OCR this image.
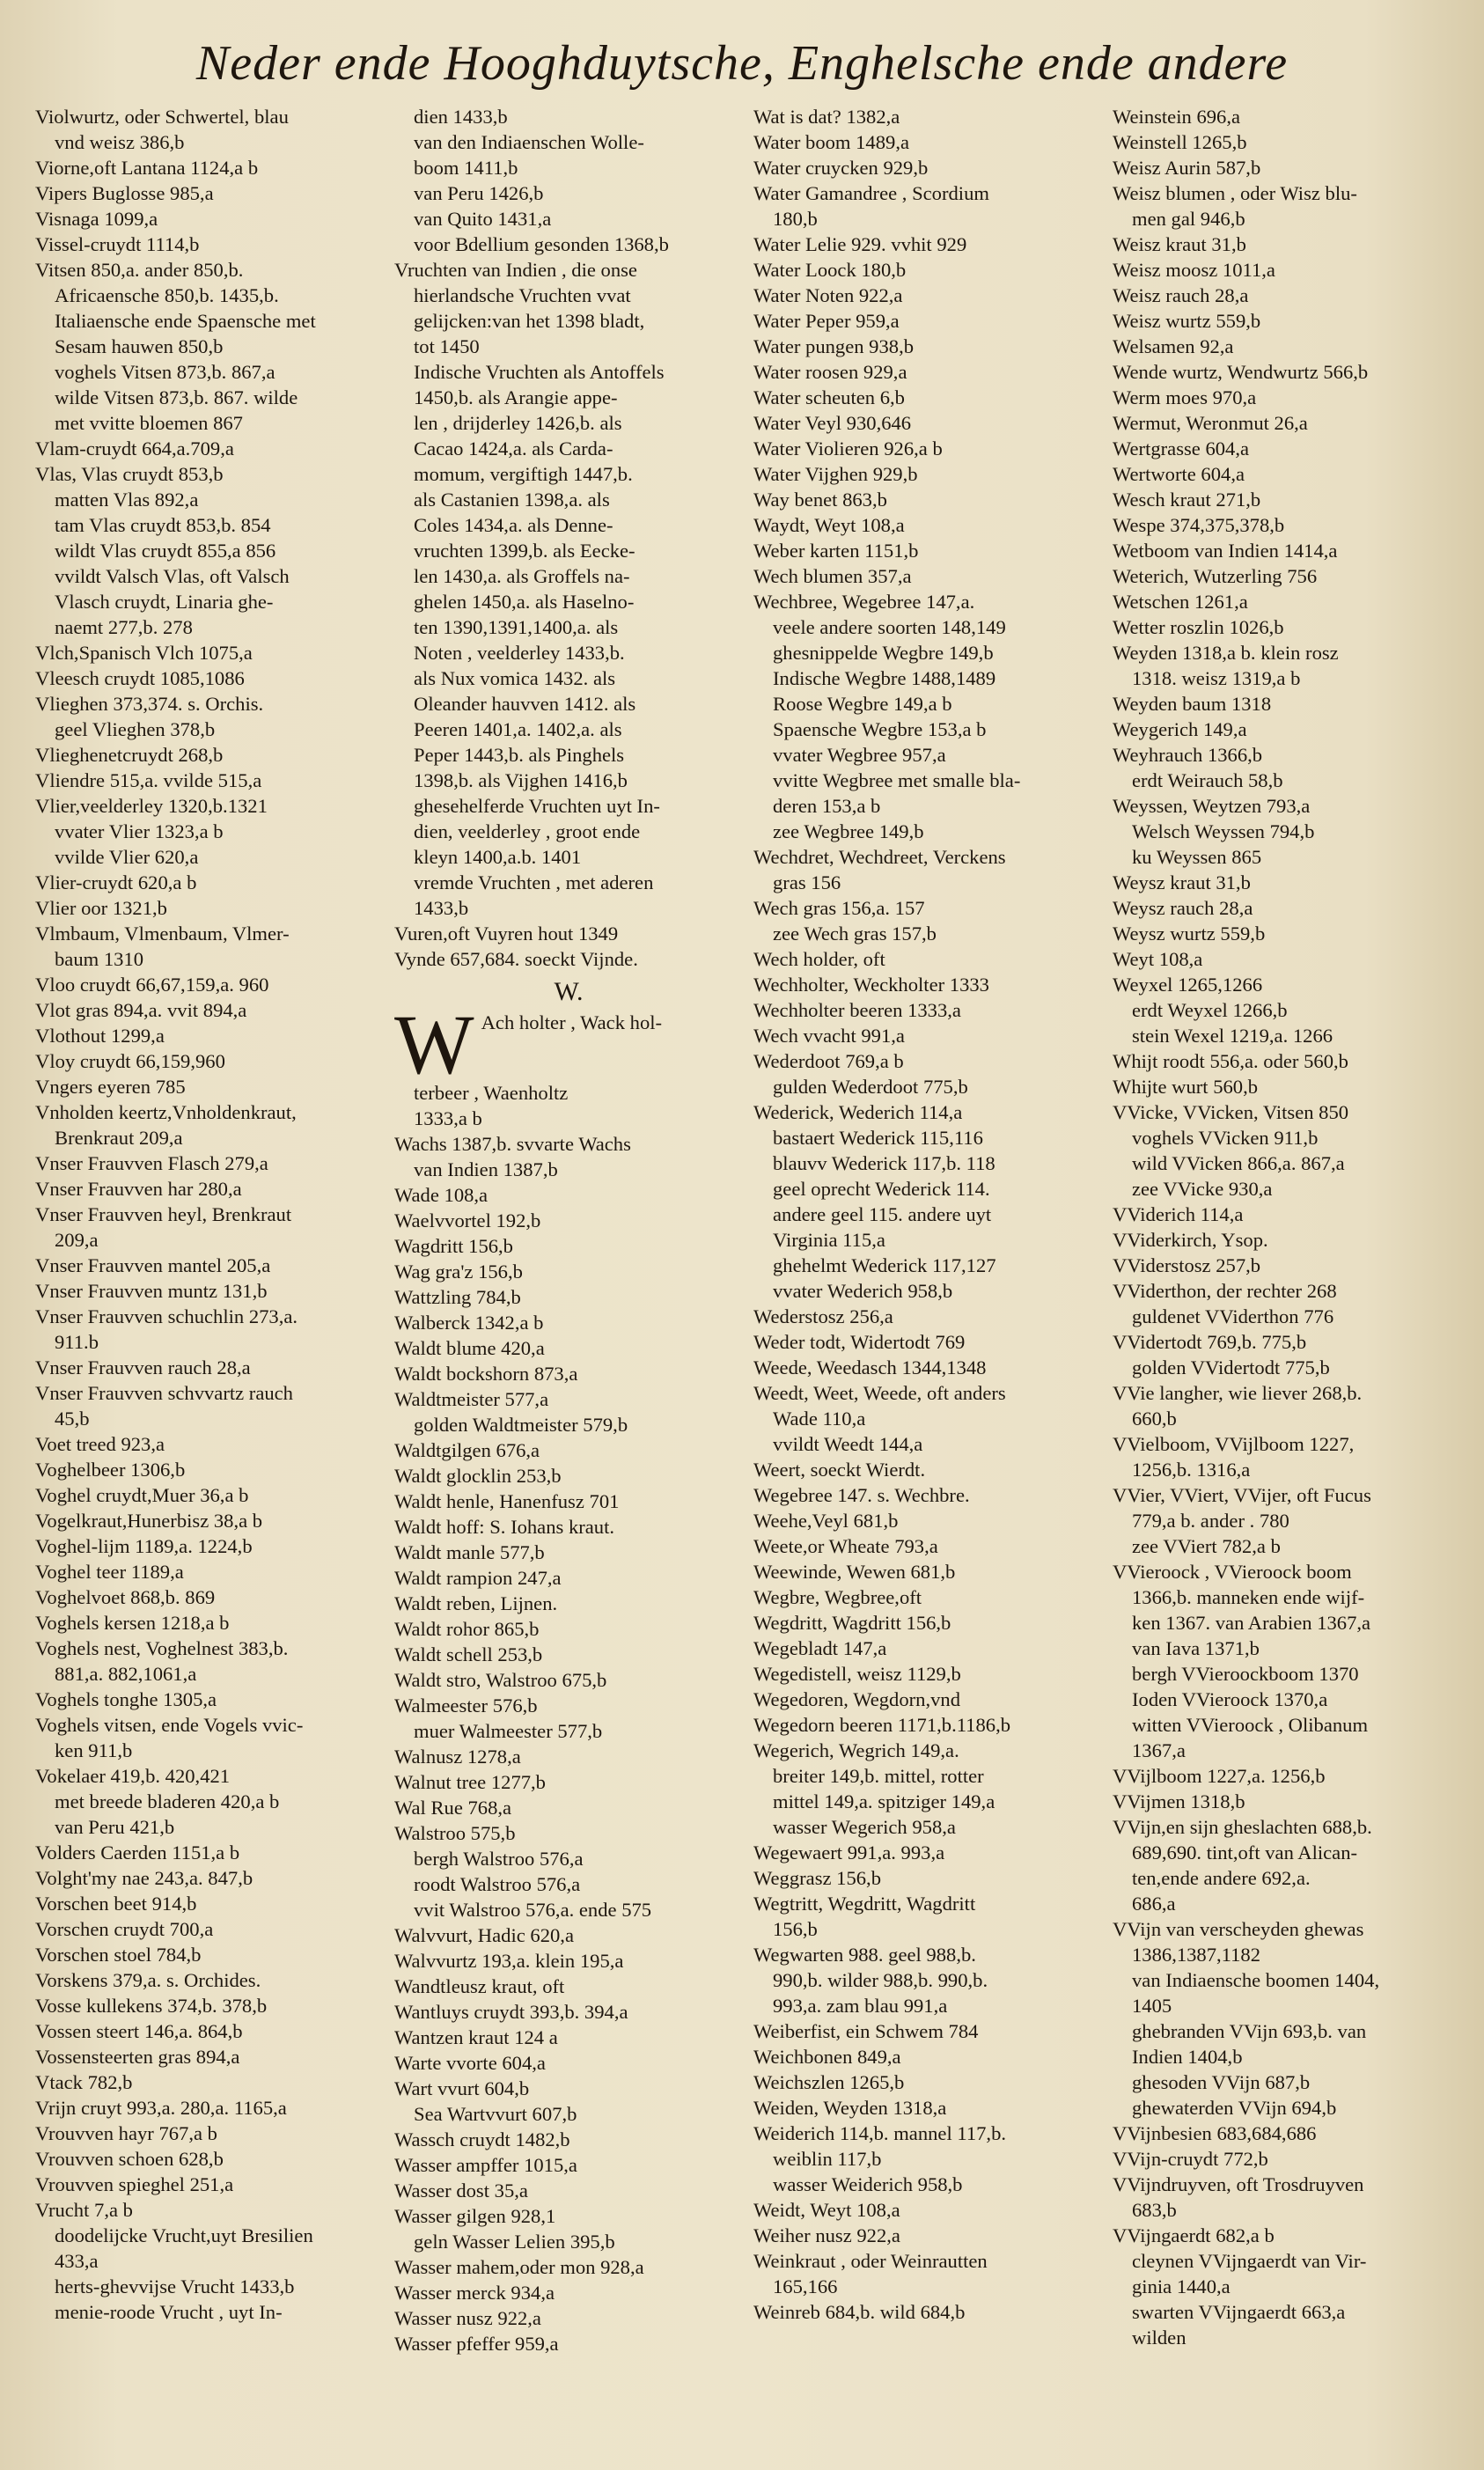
Neder ende Hooghduytsche, Enghelsche ende andere
Violwurtz, oder Schwertel, blau
vnd weisz 386,b
Viorne,oft Lantana 1124,a b
Vipers Buglosse 985,a
Visnaga 1099,a
Vissel-cruydt 1114,b
Vitsen 850,a. ander 850,b.
Africaensche 850,b. 1435,b.
Italiaensche ende Spaensche met
Sesam hauwen 850,b
voghels Vitsen 873,b. 867,a
wilde Vitsen 873,b. 867. wilde
met vvitte bloemen 867
Vlam-cruydt 664,a.709,a
Vlas, Vlas cruydt 853,b
matten Vlas 892,a
tam Vlas cruydt 853,b. 854
wildt Vlas cruydt 855,a 856
vvildt Valsch Vlas, oft Valsch
Vlasch cruydt, Linaria ghe-
naemt 277,b. 278
Vlch,Spanisch Vlch 1075,a
Vleesch cruydt 1085,1086
Vlieghen 373,374. s. Orchis.
geel Vlieghen 378,b
Vlieghenetcruydt 268,b
Vliendre 515,a. vvilde 515,a
Vlier,veelderley 1320,b.1321
vvater Vlier 1323,a b
vvilde Vlier 620,a
Vlier-cruydt 620,a b
Vlier oor 1321,b
Vlmbaum, Vlmenbaum, Vlmer-
baum 1310
Vloo cruydt 66,67,159,a. 960
Vlot gras 894,a. vvit 894,a
Vlothout 1299,a
Vloy cruydt 66,159,960
Vngers eyeren 785
Vnholden keertz,Vnholdenkraut,
Brenkraut 209,a
Vnser Frauvven Flasch 279,a
Vnser Frauvven har 280,a
Vnser Frauvven heyl, Brenkraut
209,a
Vnser Frauvven mantel 205,a
Vnser Frauvven muntz 131,b
Vnser Frauvven schuchlin 273,a.
911.b
Vnser Frauvven rauch 28,a
Vnser Frauvven schvvartz rauch
45,b
Voet treed 923,a
Voghelbeer 1306,b
Voghel cruydt,Muer 36,a b
Vogelkraut,Hunerbisz 38,a b
Voghel-lijm 1189,a. 1224,b
Voghel teer 1189,a
Voghelvoet 868,b. 869
Voghels kersen 1218,a b
Voghels nest, Voghelnest 383,b.
881,a. 882,1061,a
Voghels tonghe 1305,a
Voghels vitsen, ende Vogels vvic-
ken 911,b
Vokelaer 419,b. 420,421
met breede bladeren 420,a b
van Peru 421,b
Volders Caerden 1151,a b
Volght'my nae 243,a. 847,b
Vorschen beet 914,b
Vorschen cruydt 700,a
Vorschen stoel 784,b
Vorskens 379,a. s. Orchides.
Vosse kullekens 374,b. 378,b
Vossen steert 146,a. 864,b
Vossensteerten gras 894,a
Vtack 782,b
Vrijn cruyt 993,a. 280,a. 1165,a
Vrouvven hayr 767,a b
Vrouvven schoen 628,b
Vrouvven spieghel 251,a
Vrucht 7,a b
doodelijcke Vrucht,uyt Bresilien
433,a
herts-ghevvijse Vrucht 1433,b
menie-roode Vrucht , uyt In-
dien 1433,b
van den Indiaenschen Wolle-
boom 1411,b
van Peru 1426,b
van Quito 1431,a
voor Bdellium gesonden 1368,b
Vruchten van Indien , die onse
hierlandsche Vruchten vvat
gelijcken:van het 1398 bladt,
tot 1450
Indische Vruchten als Antoffels
1450,b. als Arangie appe-
len , drijderley 1426,b. als
Cacao 1424,a. als Carda-
momum, vergiftigh 1447,b.
als Castanien 1398,a. als
Coles 1434,a. als Denne-
vruchten 1399,b. als Eecke-
len 1430,a. als Groffels na-
ghelen 1450,a. als Haselno-
ten 1390,1391,1400,a. als
Noten , veelderley 1433,b.
als Nux vomica 1432. als
Oleander hauvven 1412. als
Peeren 1401,a. 1402,a. als
Peper 1443,b. als Pinghels
1398,b. als Vijghen 1416,b
ghesehelferde Vruchten uyt In-
dien, veelderley , groot ende
kleyn 1400,a.b. 1401
vremde Vruchten , met aderen
1433,b
Vuren,oft Vuyren hout 1349
Vynde 657,684. soeckt Vijnde.
W.
W Ach holter , Wack hol-
terbeer , Waenholtz
1333,a b
Wachs 1387,b. svvarte Wachs
van Indien 1387,b
Wade 108,a
Waelvvortel 192,b
Wagdritt 156,b
Wag gra'z 156,b
Wattzling 784,b
Walberck 1342,a b
Waldt blume 420,a
Waldt bockshorn 873,a
Waldtmeister 577,a
golden Waldtmeister 579,b
Waldtgilgen 676,a
Waldt glocklin 253,b
Waldt henle, Hanenfusz 701
Waldt hoff: S. Iohans kraut.
Waldt manle 577,b
Waldt rampion 247,a
Waldt reben, Lijnen.
Waldt rohor 865,b
Waldt schell 253,b
Waldt stro, Walstroo 675,b
Walmeester 576,b
muer Walmeester 577,b
Walnusz 1278,a
Walnut tree 1277,b
Wal Rue 768,a
Walstroo 575,b
bergh Walstroo 576,a
roodt Walstroo 576,a
vvit Walstroo 576,a. ende 575
Walvvurt, Hadic 620,a
Walvvurtz 193,a. klein 195,a
Wandtleusz kraut, oft
Wantluys cruydt 393,b. 394,a
Wantzen kraut 124 a
Warte vvorte 604,a
Wart vvurt 604,b
Sea Wartvvurt 607,b
Wassch cruydt 1482,b
Wasser ampffer 1015,a
Wasser dost 35,a
Wasser gilgen 928,1
geln Wasser Lelien 395,b
Wasser mahem,oder mon 928,a
Wasser merck 934,a
Wasser nusz 922,a
Wasser pfeffer 959,a
Wat is dat? 1382,a
Water boom 1489,a
Water cruycken 929,b
Water Gamandree , Scordium
180,b
Water Lelie 929. vvhit 929
Water Loock 180,b
Water Noten 922,a
Water Peper 959,a
Water pungen 938,b
Water roosen 929,a
Water scheuten 6,b
Water Veyl 930,646
Water Violieren 926,a b
Water Vijghen 929,b
Way benet 863,b
Waydt, Weyt 108,a
Weber karten 1151,b
Wech blumen 357,a
Wechbree, Wegebree 147,a.
veele andere soorten 148,149
ghesnippelde Wegbre 149,b
Indische Wegbre 1488,1489
Roose Wegbre 149,a b
Spaensche Wegbre 153,a b
vvater Wegbree 957,a
vvitte Wegbree met smalle bla-
deren 153,a b
zee Wegbree 149,b
Wechdret, Wechdreet, Verckens
gras 156
Wech gras 156,a. 157
zee Wech gras 157,b
Wech holder, oft
Wechholter, Weckholter 1333
Wechholter beeren 1333,a
Wech vvacht 991,a
Wederdoot 769,a b
gulden Wederdoot 775,b
Wederick, Wederich 114,a
bastaert Wederick 115,116
blauvv Wederick 117,b. 118
geel oprecht Wederick 114.
andere geel 115. andere uyt
Virginia 115,a
ghehelmt Wederick 117,127
vvater Wederich 958,b
Wederstosz 256,a
Weder todt, Widertodt 769
Weede, Weedasch 1344,1348
Weedt, Weet, Weede, oft anders
Wade 110,a
vvildt Weedt 144,a
Weert, soeckt Wierdt.
Wegebree 147. s. Wechbre.
Weehe,Veyl 681,b
Weete,or Wheate 793,a
Weewinde, Wewen 681,b
Wegbre, Wegbree,oft
Wegdritt, Wagdritt 156,b
Wegebladt 147,a
Wegedistell, weisz 1129,b
Wegedoren, Wegdorn,vnd
Wegedorn beeren 1171,b.1186,b
Wegerich, Wegrich 149,a.
breiter 149,b. mittel, rotter
mittel 149,a. spitziger 149,a
wasser Wegerich 958,a
Wegewaert 991,a. 993,a
Weggrasz 156,b
Wegtritt, Wegdritt, Wagdritt
156,b
Wegwarten 988. geel 988,b.
990,b. wilder 988,b. 990,b.
993,a. zam blau 991,a
Weiberfist, ein Schwem 784
Weichbonen 849,a
Weichszlen 1265,b
Weiden, Weyden 1318,a
Weiderich 114,b. mannel 117,b.
weiblin 117,b
wasser Weiderich 958,b
Weidt, Weyt 108,a
Weiher nusz 922,a
Weinkraut , oder Weinrautten
165,166
Weinreb 684,b. wild 684,b
Weinstein 696,a
Weinstell 1265,b
Weisz Aurin 587,b
Weisz blumen , oder Wisz blu-
men gal 946,b
Weisz kraut 31,b
Weisz moosz 1011,a
Weisz rauch 28,a
Weisz wurtz 559,b
Welsamen 92,a
Wende wurtz, Wendwurtz 566,b
Werm moes 970,a
Wermut, Weronmut 26,a
Wertgrasse 604,a
Wertworte 604,a
Wesch kraut 271,b
Wespe 374,375,378,b
Wetboom van Indien 1414,a
Weterich, Wutzerling 756
Wetschen 1261,a
Wetter roszlin 1026,b
Weyden 1318,a b. klein rosz
1318. weisz 1319,a b
Weyden baum 1318
Weygerich 149,a
Weyhrauch 1366,b
erdt Weirauch 58,b
Weyssen, Weytzen 793,a
Welsch Weyssen 794,b
ku Weyssen 865
Weysz kraut 31,b
Weysz rauch 28,a
Weysz wurtz 559,b
Weyt 108,a
Weyxel 1265,1266
erdt Weyxel 1266,b
stein Wexel 1219,a. 1266
Whijt roodt 556,a. oder 560,b
Whijte wurt 560,b
VVicke, VVicken, Vitsen 850
voghels VVicken 911,b
wild VVicken 866,a. 867,a
zee VVicke 930,a
VViderich 114,a
VViderkirch, Ysop.
VViderstosz 257,b
VViderthon, der rechter 268
guldenet VViderthon 776
VVidertodt 769,b. 775,b
golden VVidertodt 775,b
VVie langher, wie liever 268,b.
660,b
VVielboom, VVijlboom 1227,
1256,b. 1316,a
VVier, VViert, VVijer, oft Fucus
779,a b. ander . 780
zee VViert 782,a b
VVieroock , VVieroock boom
1366,b. manneken ende wijf-
ken 1367. van Arabien 1367,a
van Iava 1371,b
bergh VVieroockboom 1370
Ioden VVieroock 1370,a
witten VVieroock , Olibanum
1367,a
VVijlboom 1227,a. 1256,b
VVijmen 1318,b
VVijn,en sijn gheslachten 688,b.
689,690. tint,oft van Alican-
ten,ende andere 692,a.
686,a
VVijn van verscheyden ghewas
1386,1387,1182
van Indiaensche boomen 1404,
1405
ghebranden VVijn 693,b. van
Indien 1404,b
ghesoden VVijn 687,b
ghewaterden VVijn 694,b
VVijnbesien 683,684,686
VVijn-cruydt 772,b
VVijndruyven, oft Trosdruyven
683,b
VVijngaerdt 682,a b
cleynen VVijngaerdt van Vir-
ginia 1440,a
swarten VVijngaerdt 663,a
wilden
